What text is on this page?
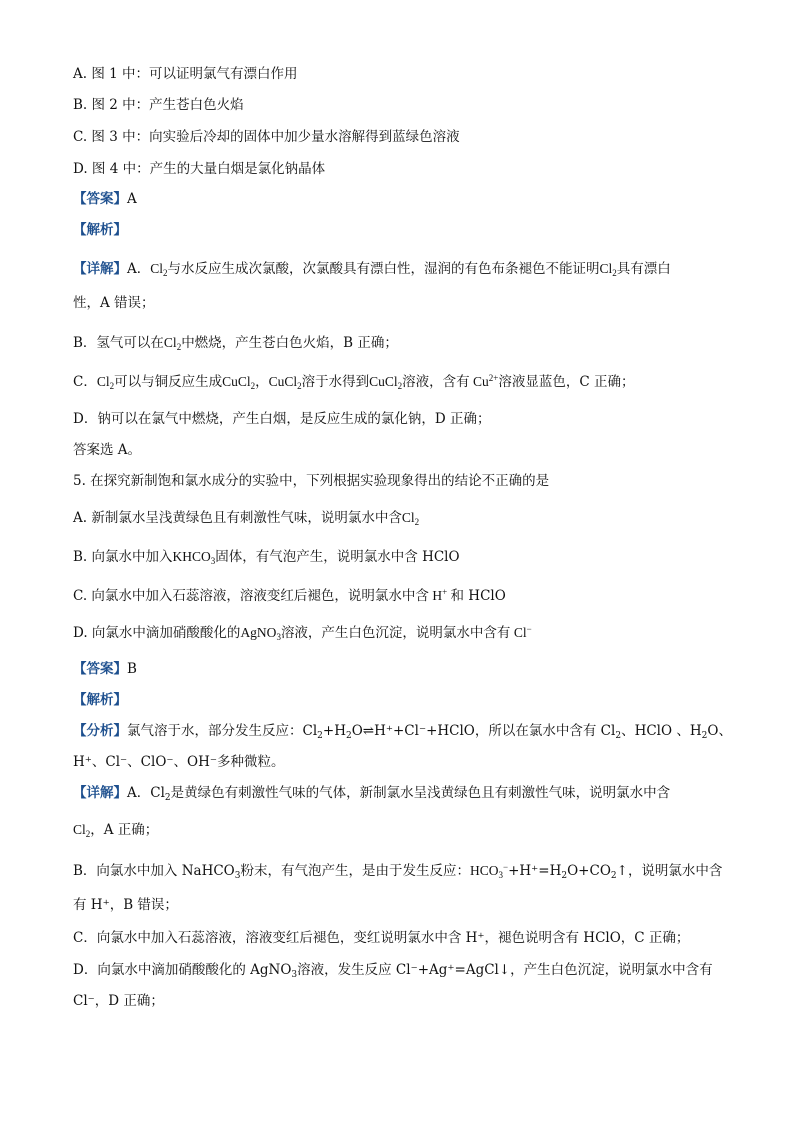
A. 图 1 中：可以证明氯气有漂白作用
B. 图 2 中：产生苍白色火焰
C. 图 3 中：向实验后冷却的固体中加少量水溶解得到蓝绿色溶液
D. 图 4 中：产生的大量白烟是氯化钠晶体
【答案】A
【解析】
【详解】A．$Cl_2$与水反应生成次氯酸，次氯酸具有漂白性，湿润的有色布条褪色不能证明$Cl_2$具有漂白
性，A 错误；
B．氢气可以在$Cl_2$中燃烧，产生苍白色火焰，B 正确；
C．$Cl_2$可以与铜反应生成CuCl$_2$，CuCl$_2$溶于水得到CuCl$_2$溶液，含有 $Cu^{2+}$溶液显蓝色，C 正确；
D．钠可以在氯气中燃烧，产生白烟，是反应生成的氯化钠，D 正确；
答案选 A。
5. 在探究新制饱和氯水成分的实验中，下列根据实验现象得出的结论不正确的是
A. 新制氯水呈浅黄绿色且有刺激性气味，说明氯水中含$Cl_2$
B. 向氯水中加入$KHCO_3$固体，有气泡产生，说明氯水中含 HClO
C. 向氯水中加入石蕊溶液，溶液变红后褪色，说明氯水中含 H+ 和 HClO
D. 向氯水中滴加硝酸酸化的AgNO$_3$溶液，产生白色沉淀，说明氯水中含有 Cl−
【答案】B
【解析】
【分析】氯气溶于水，部分发生反应：$Cl_2+H_2O\rightleftharpoons H^++Cl^-+HClO$，所以在氯水中含有 $Cl_2$、HClO 、$H_2O$、
H⁺、Cl⁻、ClO⁻、OH⁻多种微粒。
【详解】A．$Cl_2$是黄绿色有刺激性气味的气体，新制氯水呈浅黄绿色且有刺激性气味，说明氯水中含
$Cl_2$，A 正确；
B．向氯水中加入 NaHCO$_3$粉末，有气泡产生，是由于发生反应：$HCO_3^-+H^+=H_2O+CO_2↑$，说明氯水中含
有 H⁺，B 错误；
C．向氯水中加入石蕊溶液，溶液变红后褪色，变红说明氯水中含 H⁺，褪色说明含有 HClO，C 正确；
D．向氯水中滴加硝酸酸化的 AgNO$_3$溶液，发生反应 Cl⁻+Ag⁺=AgCl↓，产生白色沉淀，说明氯水中含有
Cl⁻，D 正确；
